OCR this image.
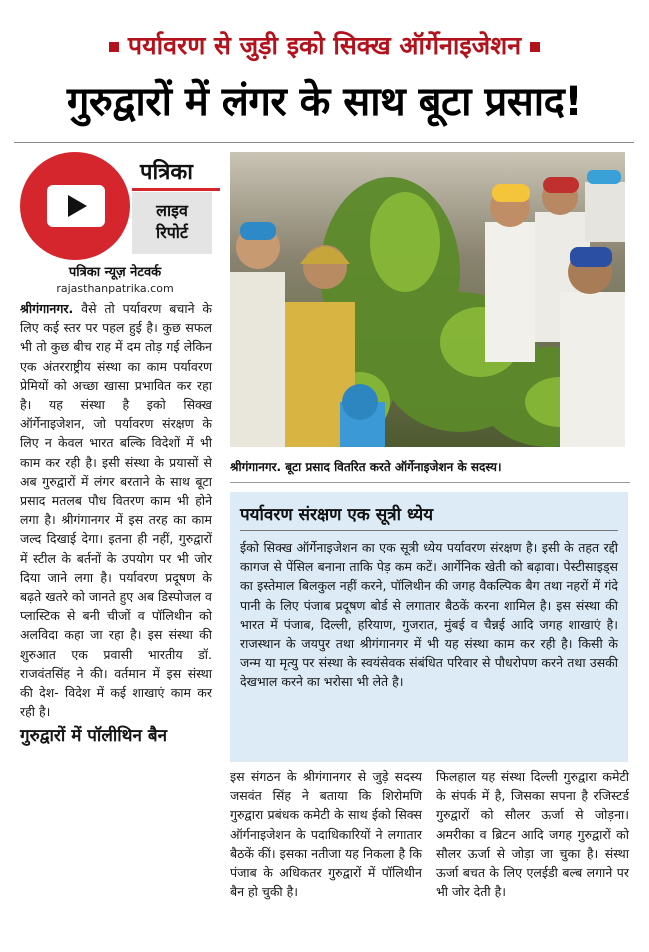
पर्यावरण से जुड़ी इको सिक्ख ऑर्गेनाइजेशन
गुरुद्वारों में लंगर के साथ बूटा प्रसाद!
पत्रिका
लाइव
रिपोर्ट
पत्रिका न्यूज़ नेटवर्क
rajasthanpatrika.com

श्रीगंगानगर. वैसे तो पर्यावरण बचाने के लिए कई स्तर पर पहल हुई है। कुछ सफल भी तो कुछ बीच राह में दम तोड़ गई लेकिन एक अंतरराष्ट्रीय संस्था का काम पर्यावरण प्रेमियों को अच्छा खासा प्रभावित कर रहा है। यह संस्था है इको सिक्ख ऑर्गेनाइजेशन, जो पर्यावरण संरक्षण के लिए न केवल भारत बल्कि विदेशों में भी काम कर रही है। इसी संस्था के प्रयासों से अब गुरुद्वारों में लंगर बरताने के साथ बूटा प्रसाद मतलब पौध वितरण काम भी होने लगा है। श्रीगंगानगर में इस तरह का काम जल्द दिखाई देगा। इतना ही नहीं, गुरुद्वारों में स्टील के बर्तनों के उपयोग पर भी जोर दिया जाने लगा है। पर्यावरण प्रदूषण के बढ़ते खतरे को जानते हुए अब डिस्पोजल व प्लास्टिक से बनी चीजों व पॉलिथीन को अलविदा कहा जा रहा है। इस संस्था की शुरुआत एक प्रवासी भारतीय डॉ. राजवंतसिंह ने की। वर्तमान में इस संस्था की देश- विदेश में कई शाखाएं काम कर रही है।

गुरुद्वारों में पॉलीथिन बैन

श्रीगंगानगर. बूटा प्रसाद वितरित करते ऑर्गेनाइजेशन के सदस्य।
पर्यावरण संरक्षण एक सूत्री ध्येय
ईको सिक्ख ऑर्गेनाइजेशन का एक सूत्री ध्येय पर्यावरण संरक्षण है। इसी के तहत रद्दी कागज से पेंसिल बनाना ताकि पेड़ कम कटें। आर्गेनिक खेती को बढ़ावा। पेस्टीसाइड्स का इस्तेमाल बिलकुल नहीं करने, पॉलिथीन की जगह वैकल्पिक बैग तथा नहरों में गंदे पानी के लिए पंजाब प्रदूषण बोर्ड से लगातार बैठकें करना शामिल है। इस संस्था की भारत में पंजाब, दिल्ली, हरियाण, गुजरात, मुंबई व चैन्नई आदि जगह शाखाएं है। राजस्थान के जयपुर तथा श्रीगंगानगर में भी यह संस्था काम कर रही है। किसी के जन्म या मृत्यु पर संस्था के स्वयंसेवक संबंधित परिवार से पौधरोपण करने तथा उसकी देखभाल करने का भरोसा भी लेते है।
इस संगठन के श्रीगंगानगर से जुड़े सदस्य जसवंत सिंह ने बताया कि शिरोमणि गुरुद्वारा प्रबंधक कमेटी के साथ ईको सिक्स ऑर्गनाइजेशन के पदाधिकारियों ने लगातार बैठकें कीं। इसका नतीजा यह निकला है कि पंजाब के अधिकतर गुरुद्वारों में पॉलिथीन बैन हो चुकी है।
फिलहाल यह संस्था दिल्ली गुरुद्वारा कमेटी के संपर्क में है, जिसका सपना है रजिस्टर्ड गुरुद्वारों को सौलर ऊर्जा से जोड़ना। अमरीका व ब्रिटन आदि जगह गुरुद्वारों को सौलर ऊर्जा से जोड़ा जा चुका है। संस्था ऊर्जा बचत के लिए एलईडी बल्ब लगाने पर भी जोर देती है।
